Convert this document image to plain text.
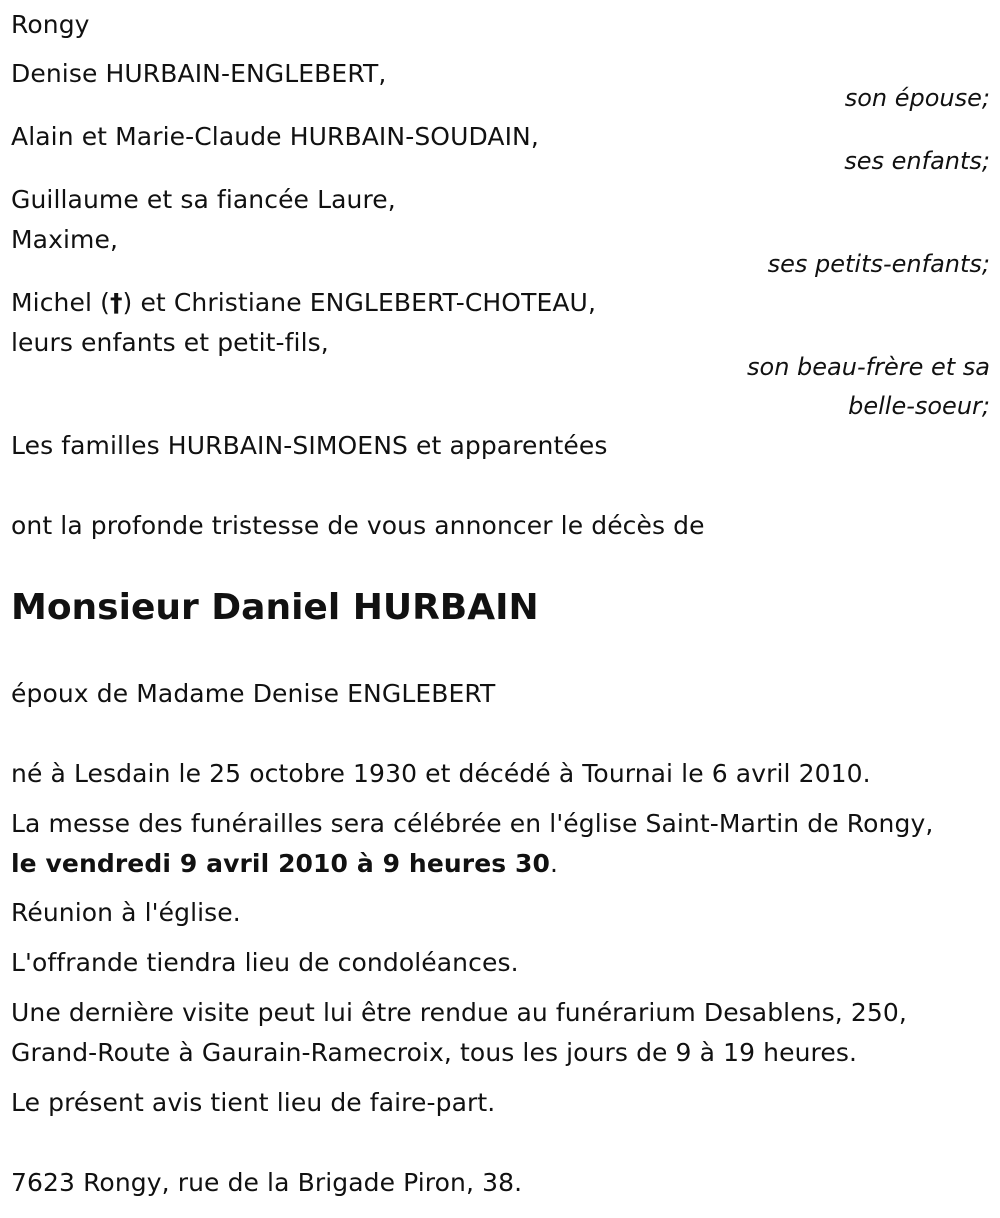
Rongy
Denise HURBAIN-ENGLEBERT,
son épouse;
Alain et Marie-Claude HURBAIN-SOUDAIN,
ses enfants;
Guillaume et sa fiancée Laure,
Maxime,
ses petits-enfants;
Michel (†) et Christiane ENGLEBERT-CHOTEAU,
leurs enfants et petit-fils,
son beau-frère et sa
belle-soeur;
Les familles HURBAIN-SIMOENS et apparentées
ont la profonde tristesse de vous annoncer le décès de
Monsieur Daniel HURBAIN
époux de Madame Denise ENGLEBERT
né à Lesdain le 25 octobre 1930 et décédé à Tournai le 6 avril 2010.
La messe des funérailles sera célébrée en l'église Saint-Martin de Rongy,
le vendredi 9 avril 2010 à 9 heures 30.
Réunion à l'église.
L'offrande tiendra lieu de condoléances.
Une dernière visite peut lui être rendue au funérarium Desablens, 250,
Grand-Route à Gaurain-Ramecroix, tous les jours de 9 à 19 heures.
Le présent avis tient lieu de faire-part.
7623 Rongy, rue de la Brigade Piron, 38.
